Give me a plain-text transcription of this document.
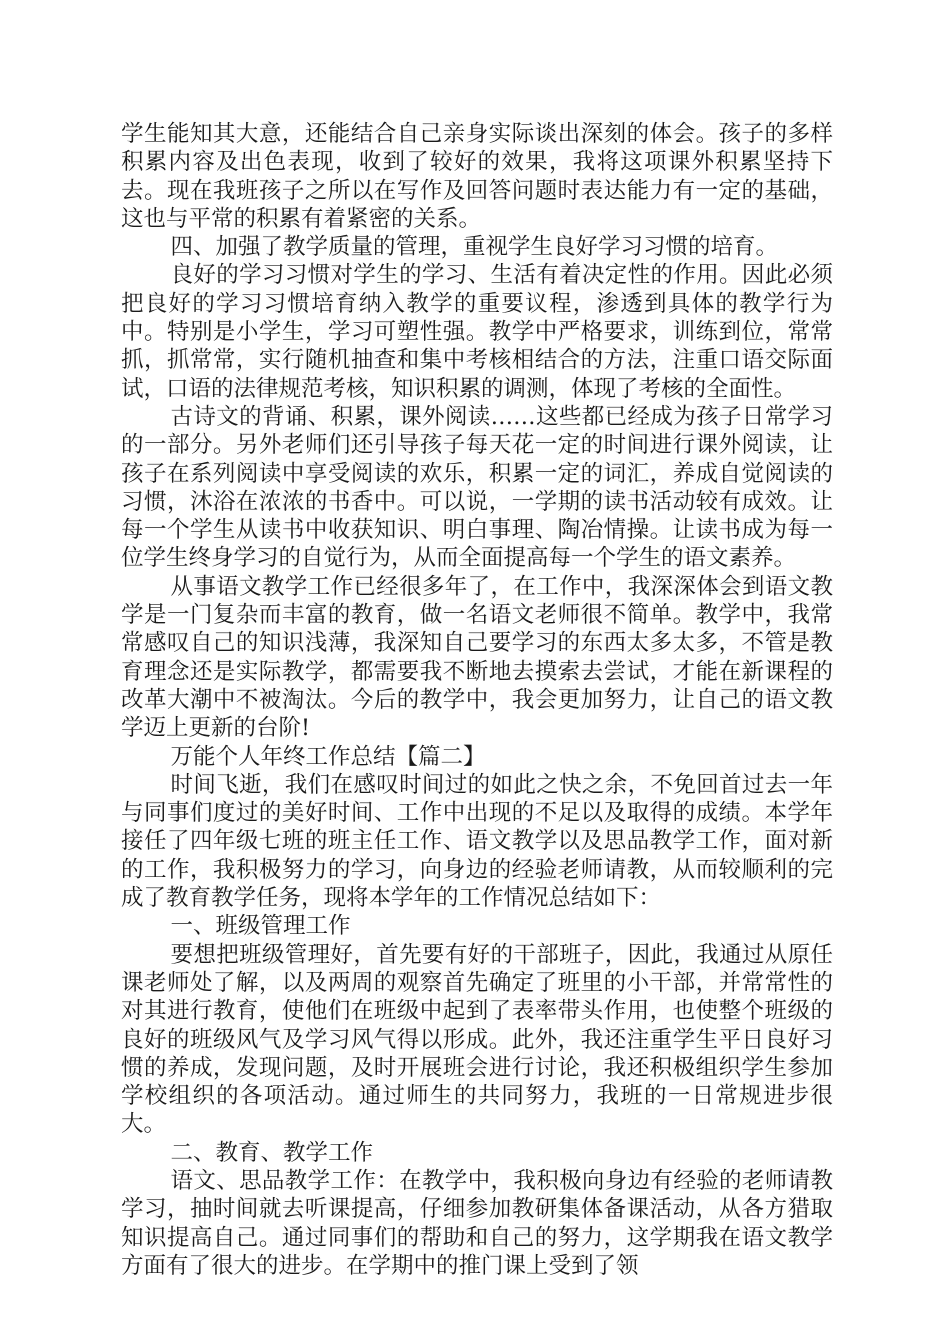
学生能知其大意，还能结合自己亲身实际谈出深刻的体会。孩子的多样积累内容及出色表现，收到了较好的效果，我将这项课外积累坚持下去。现在我班孩子之所以在写作及回答问题时表达能力有一定的基础，这也与平常的积累有着紧密的关系。

四、加强了教学质量的管理，重视学生良好学习习惯的培育。

良好的学习习惯对学生的学习、生活有着决定性的作用。因此必须把良好的学习习惯培育纳入教学的重要议程，渗透到具体的教学行为中。特别是小学生，学习可塑性强。教学中严格要求，训练到位，常常抓，抓常常，实行随机抽查和集中考核相结合的方法，注重口语交际面试，口语的法律规范考核，知识积累的调测，体现了考核的全面性。

古诗文的背诵、积累，课外阅读……这些都已经成为孩子日常学习的一部分。另外老师们还引导孩子每天花一定的时间进行课外阅读，让孩子在系列阅读中享受阅读的欢乐，积累一定的词汇，养成自觉阅读的习惯，沐浴在浓浓的书香中。可以说，一学期的读书活动较有成效。让每一个学生从读书中收获知识、明白事理、陶冶情操。让读书成为每一位学生终身学习的自觉行为，从而全面提高每一个学生的语文素养。

从事语文教学工作已经很多年了，在工作中，我深深体会到语文教学是一门复杂而丰富的教育，做一名语文老师很不简单。教学中，我常常感叹自己的知识浅薄，我深知自己要学习的东西太多太多，不管是教育理念还是实际教学，都需要我不断地去摸索去尝试，才能在新课程的改革大潮中不被淘汰。今后的教学中，我会更加努力，让自己的语文教学迈上更新的台阶!

万能个人年终工作总结【篇二】

时间飞逝，我们在感叹时间过的如此之快之余，不免回首过去一年与同事们度过的美好时间、工作中出现的不足以及取得的成绩。本学年接任了四年级七班的班主任工作、语文教学以及思品教学工作，面对新的工作，我积极努力的学习，向身边的经验老师请教，从而较顺利的完成了教育教学任务，现将本学年的工作情况总结如下：

一、班级管理工作

要想把班级管理好，首先要有好的干部班子，因此，我通过从原任课老师处了解，以及两周的观察首先确定了班里的小干部，并常常性的对其进行教育，使他们在班级中起到了表率带头作用，也使整个班级的良好的班级风气及学习风气得以形成。此外，我还注重学生平日良好习惯的养成，发现问题，及时开展班会进行讨论，我还积极组织学生参加学校组织的各项活动。通过师生的共同努力，我班的一日常规进步很大。

二、教育、教学工作

语文、思品教学工作：在教学中，我积极向身边有经验的老师请教学习，抽时间就去听课提高，仔细参加教研集体备课活动，从各方猎取知识提高自己。通过同事们的帮助和自己的努力，这学期我在语文教学方面有了很大的进步。在学期中的推门课上受到了领
